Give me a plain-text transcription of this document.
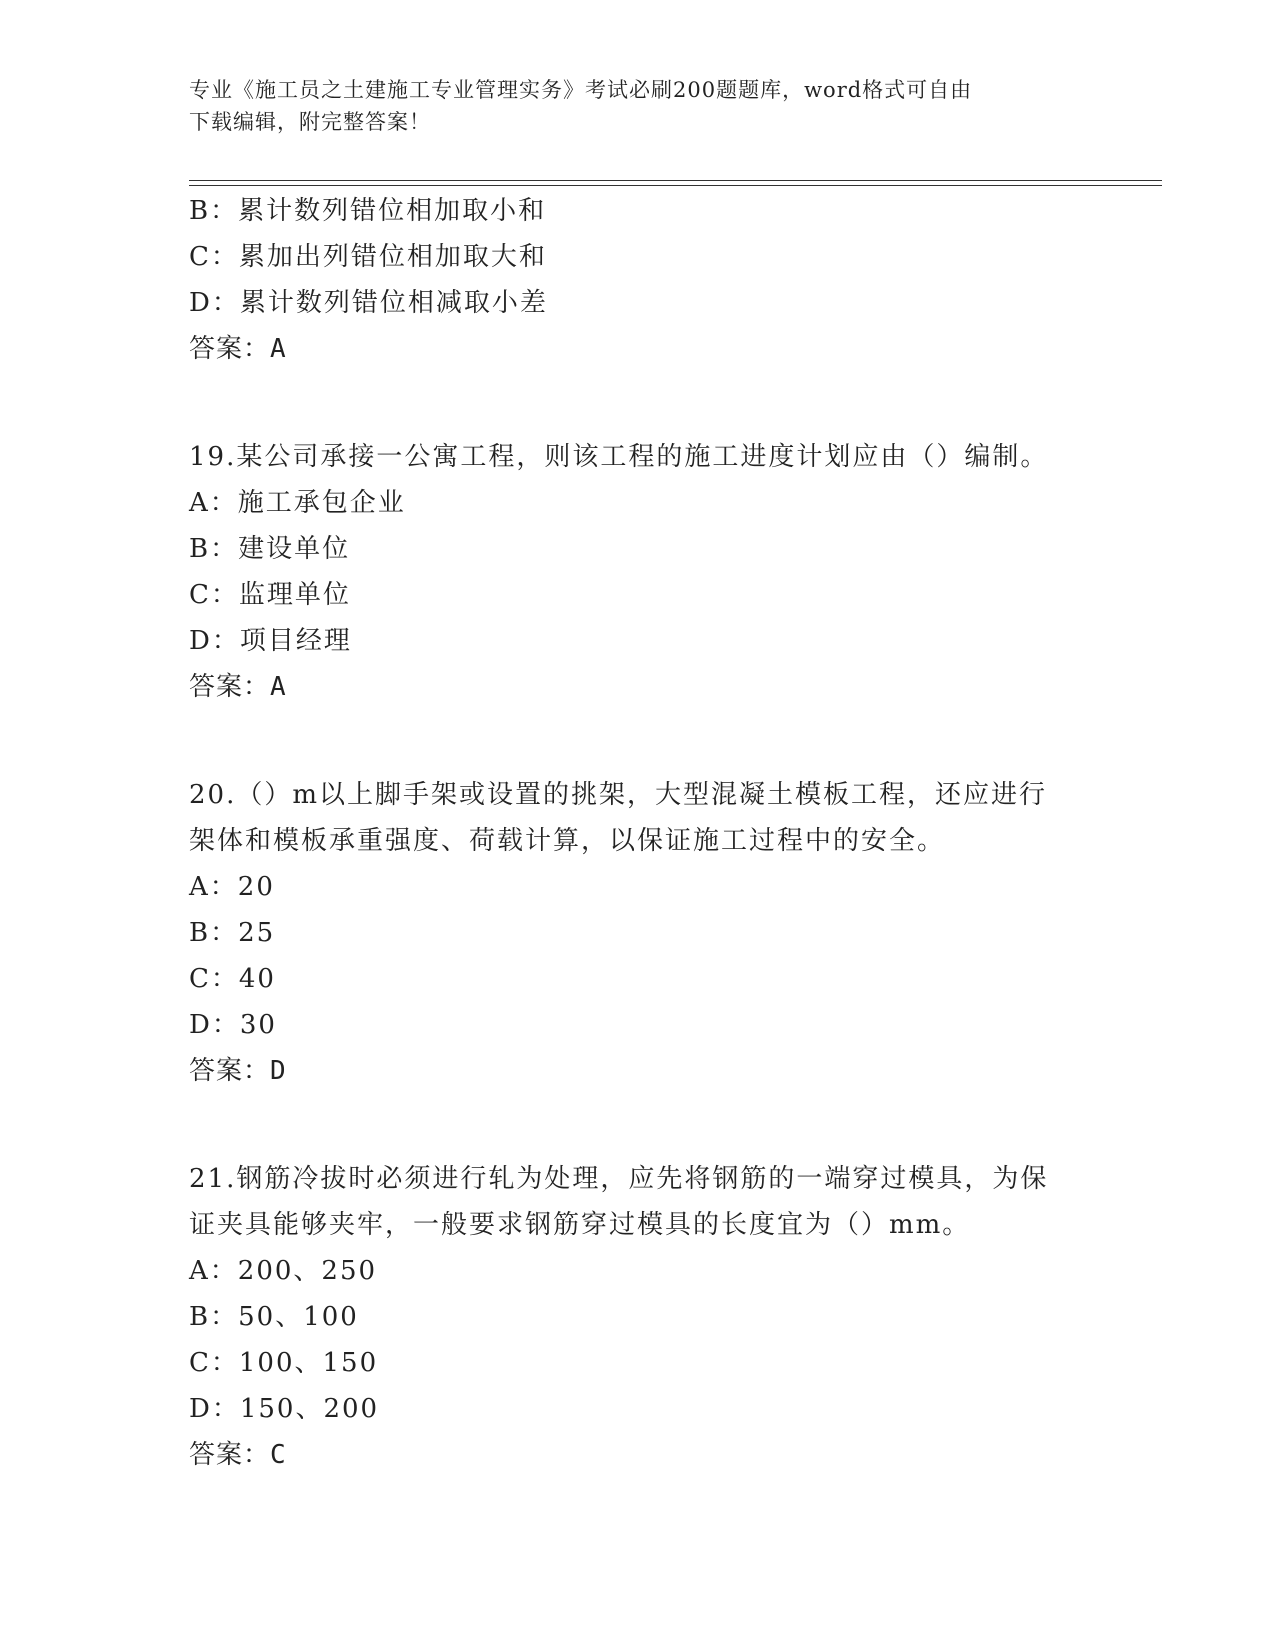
专业《施工员之土建施工专业管理实务》考试必刷200题题库，word格式可自由
下载编辑，附完整答案！
B：累计数列错位相加取小和
C：累加出列错位相加取大和
D：累计数列错位相减取小差
答案：A
19.某公司承接一公寓工程，则该工程的施工进度计划应由（）编制。
A：施工承包企业
B：建设单位
C：监理单位
D：项目经理
答案：A
20.（）m以上脚手架或设置的挑架，大型混凝土模板工程，还应进行
架体和模板承重强度、荷载计算，以保证施工过程中的安全。
A：20
B：25
C：40
D：30
答案：D
21.钢筋冷拔时必须进行轧为处理，应先将钢筋的一端穿过模具，为保
证夹具能够夹牢，一般要求钢筋穿过模具的长度宜为（）mm。
A：200、250
B：50、100
C：100、150
D：150、200
答案：C
